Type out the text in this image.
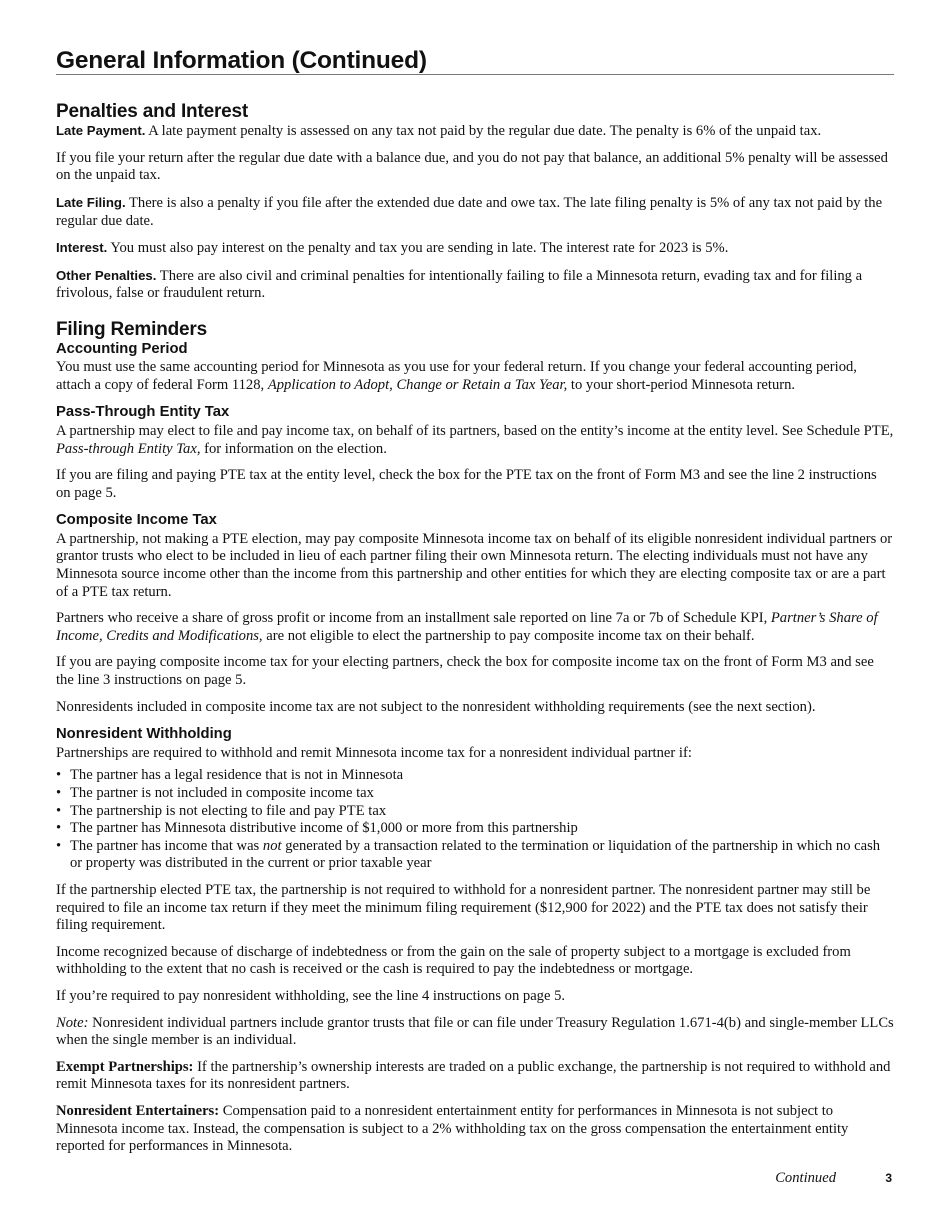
General Information (Continued)
Penalties and Interest

Late Payment. A late payment penalty is assessed on any tax not paid by the regular due date. The penalty is 6% of the unpaid tax.

If you file your return after the regular due date with a balance due, and you do not pay that balance, an additional 5% penalty will be assessed on the unpaid tax.

Late Filing. There is also a penalty if you file after the extended due date and owe tax. The late filing penalty is 5% of any tax not paid by the regular due date.

Interest. You must also pay interest on the penalty and tax you are sending in late. The interest rate for 2023 is 5%.

Other Penalties. There are also civil and criminal penalties for intentionally failing to file a Minnesota return, evading tax and for filing a frivolous, false or fraudulent return.

Filing Reminders
Accounting Period

You must use the same accounting period for Minnesota as you use for your federal return. If you change your federal accounting period, attach a copy of federal Form 1128, Application to Adopt, Change or Retain a Tax Year, to your short-period Minnesota return.

Pass-Through Entity Tax

A partnership may elect to file and pay income tax, on behalf of its partners, based on the entity’s income at the entity level. See Schedule PTE, Pass-through Entity Tax, for information on the election.

If you are filing and paying PTE tax at the entity level, check the box for the PTE tax on the front of Form M3 and see the line 2 instructions on page 5.

Composite Income Tax

A partnership, not making a PTE election, may pay composite Minnesota income tax on behalf of its eligible nonresident individual partners or grantor trusts who elect to be included in lieu of each partner filing their own Minnesota return. The electing individuals must not have any Minnesota source income other than the income from this partnership and other entities for which they are electing composite tax or are a part of a PTE tax return.

Partners who receive a share of gross profit or income from an installment sale reported on line 7a or 7b of Schedule KPI, Partner’s Share of Income, Credits and Modifications, are not eligible to elect the partnership to pay composite income tax on their behalf.

If you are paying composite income tax for your electing partners, check the box for composite income tax on the front of Form M3 and see the line 3 instructions on page 5.

Nonresidents included in composite income tax are not subject to the nonresident withholding requirements (see the next section).

Nonresident Withholding

Partnerships are required to withhold and remit Minnesota income tax for a nonresident individual partner if:

• The partner has a legal residence that is not in Minnesota
• The partner is not included in composite income tax
• The partnership is not electing to file and pay PTE tax
• The partner has Minnesota distributive income of $1,000 or more from this partnership
• The partner has income that was not generated by a transaction related to the termination or liquidation of the partnership in which no cash or property was distributed in the current or prior taxable year

If the partnership elected PTE tax, the partnership is not required to withhold for a nonresident partner. The nonresident partner may still be required to file an income tax return if they meet the minimum filing requirement ($12,900 for 2022) and the PTE tax does not satisfy their filing requirement.

Income recognized because of discharge of indebtedness or from the gain on the sale of property subject to a mortgage is excluded from withholding to the extent that no cash is received or the cash is required to pay the indebtedness or mortgage.

If you’re required to pay nonresident withholding, see the line 4 instructions on page 5.

Note: Nonresident individual partners include grantor trusts that file or can file under Treasury Regulation 1.671-4(b) and single-member LLCs when the single member is an individual.

Exempt Partnerships: If the partnership’s ownership interests are traded on a public exchange, the partnership is not required to withhold and remit Minnesota taxes for its nonresident partners.

Nonresident Entertainers: Compensation paid to a nonresident entertainment entity for performances in Minnesota is not subject to Minnesota income tax. Instead, the compensation is subject to a 2% withholding tax on the gross compensation the entertainment entity reported for performances in Minnesota.

Continued	3
